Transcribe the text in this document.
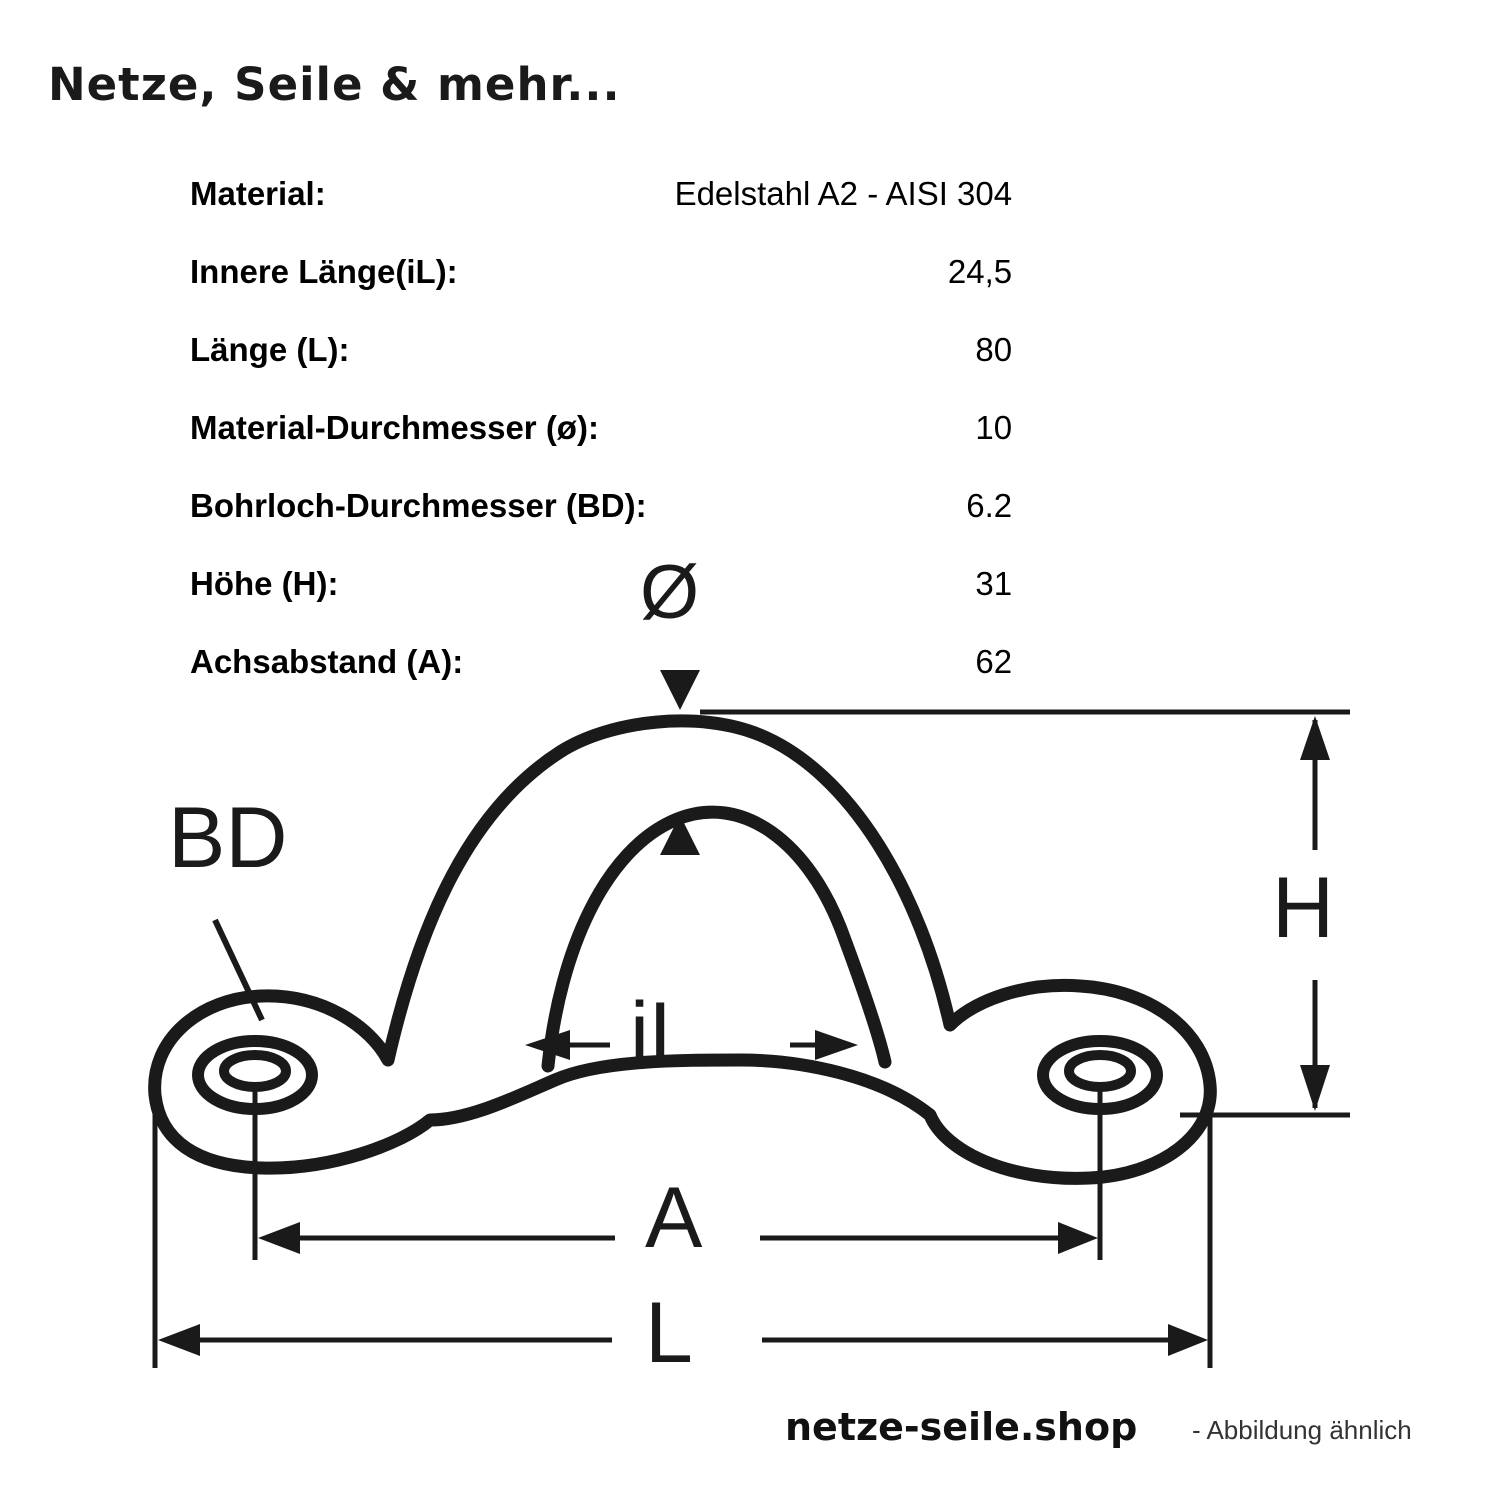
Netze, Seile & mehr...
Material:	Edelstahl A2 - AISI 304
Innere Länge(iL):	24,5
Länge (L):	80
Material-Durchmesser (ø):	10
Bohrloch-Durchmesser (BD):	6.2
Höhe (H):	31
Achsabstand (A):	62
Ø
BD
H
iL
A
L
netze-seile.shop - Abbildung ähnlich
